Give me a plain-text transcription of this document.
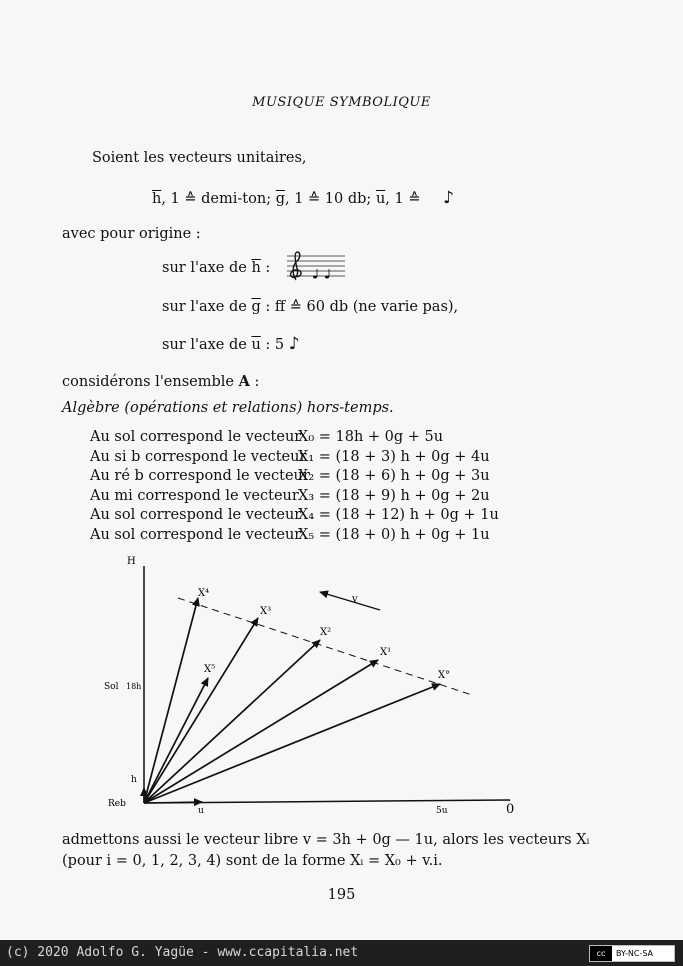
MUSIQUE SYMBOLIQUE
Soient les vecteurs unitaires,
$\overline{h}$, 1 ≙ demi-ton; $\overline{g}$, 1 ≙ 10 db; $\overline{u}$, 1 ≙ ♪
avec pour origine :
sur l'axe de $\overline{h}$ :
sur l'axe de $\overline{g}$ : ff ≙ 60 db (ne varie pas),
sur l'axe de $\overline{u}$ : 5 ♪
considérons l'ensemble A :
Algèbre (opérations et relations) hors-temps.
Au sol correspond le vecteur
X₀ = 18h + 0g + 5u
Au si b correspond le vecteur
X₁ = (18 + 3) h + 0g + 4u
Au ré b correspond le vecteur
X₂ = (18 + 6) h + 0g + 3u
Au mi correspond le vecteur X₃ = (18 + 9) h + 0g + 2u
Au sol correspond le vecteur
X₄ = (18 + 12) h + 0g + 1u
Au sol correspond le vecteur
X₅ = (18 + 0) h + 0g + 1u
H
Sol 18h
h
Reb
u	5u	0
v
X°
X¹
X²
X³
X⁴
X⁵
admettons aussi le vecteur libre v = 3h + 0g — 1u, alors les vecteurs Xᵢ
(pour i = 0, 1, 2, 3, 4) sont de la forme Xᵢ = X₀ + v.i.
195
(c) 2020 Adolfo G. Yagüe - www.ccapitalia.net	cc	BY-NC-SA
